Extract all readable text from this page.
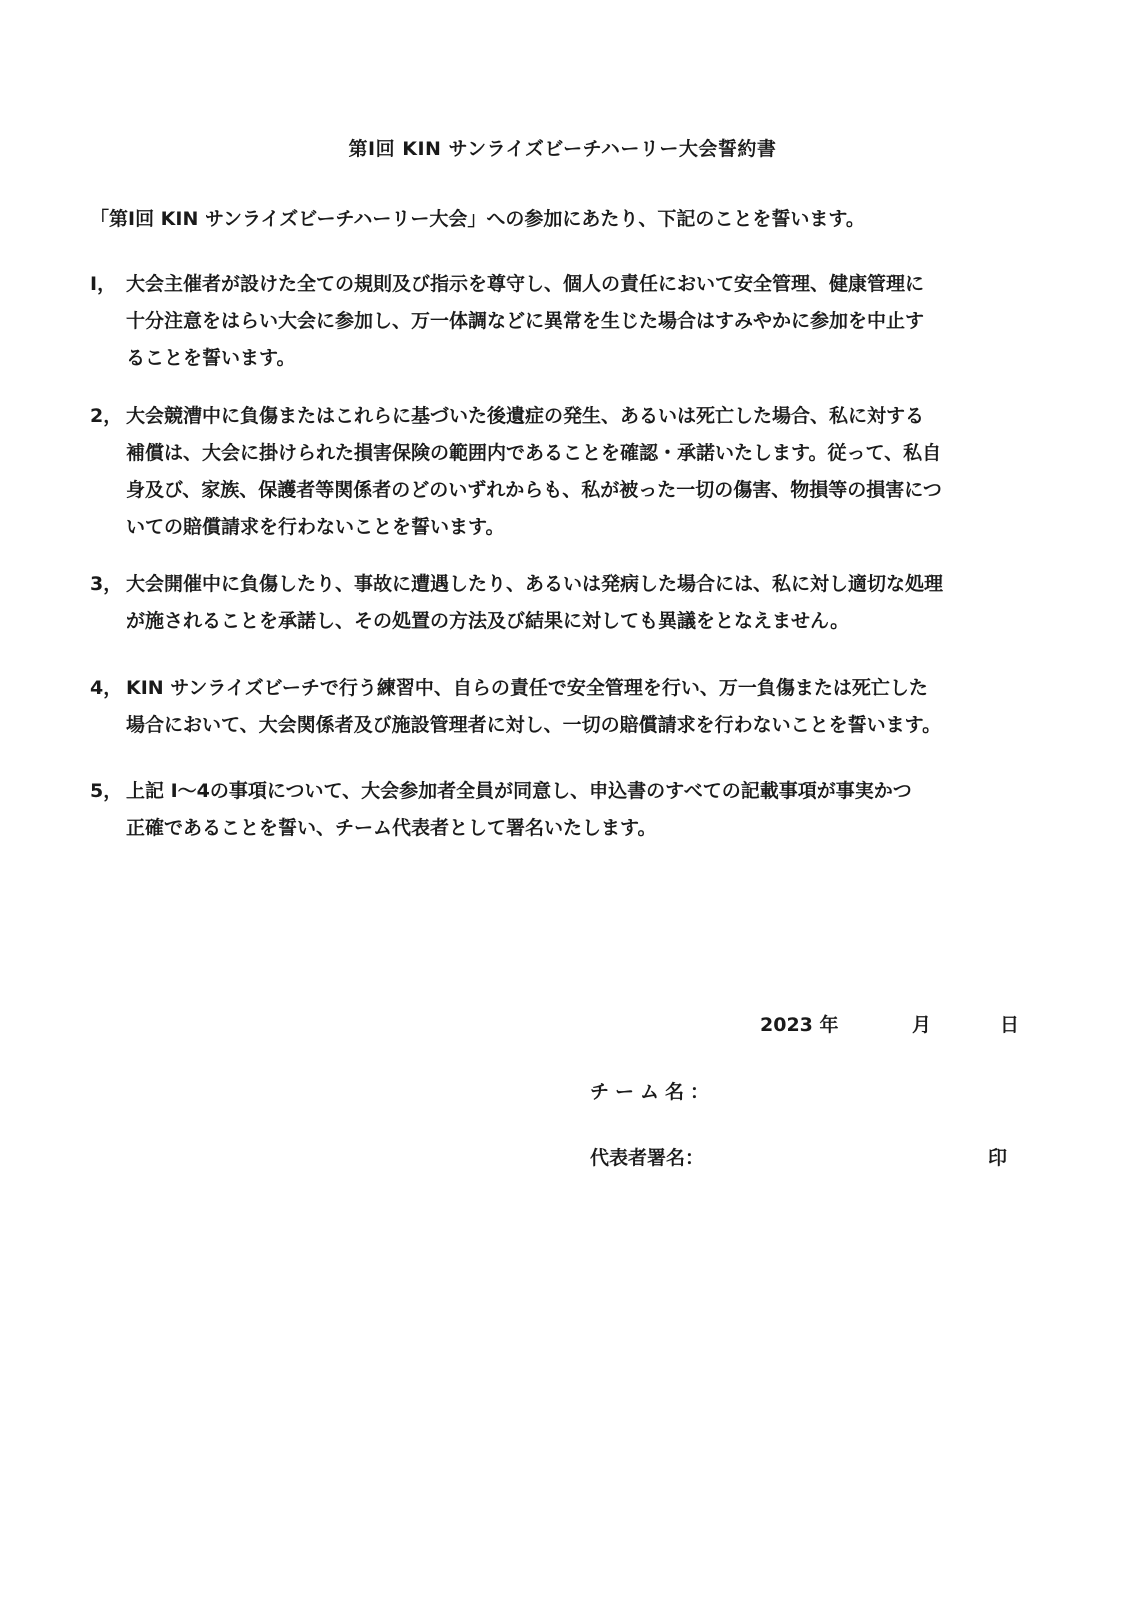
第Ⅰ回 KIN サンライズビーチハーリー大会誓約書
「第Ⅰ回 KIN サンライズビーチハーリー大会」への参加にあたり、下記のことを誓います。
Ⅰ， 大会主催者が設けた全ての規則及び指示を尊守し、個人の責任において安全管理、健康管理に
十分注意をはらい大会に参加し、万一体調などに異常を生じた場合はすみやかに参加を中止す
ることを誓います。
2， 大会競漕中に負傷またはこれらに基づいた後遺症の発生、あるいは死亡した場合、私に対する
補償は、大会に掛けられた損害保険の範囲内であることを確認・承諾いたします。従って、私自
身及び、家族、保護者等関係者のどのいずれからも、私が被った一切の傷害、物損等の損害につ
いての賠償請求を行わないことを誓います。
3， 大会開催中に負傷したり、事故に遭遇したり、あるいは発病した場合には、私に対し適切な処理
が施されることを承諾し、その処置の方法及び結果に対しても異議をとなえません。
4， KIN サンライズビーチで行う練習中、自らの責任で安全管理を行い、万一負傷または死亡した
場合において、大会関係者及び施設管理者に対し、一切の賠償請求を行わないことを誓います。
5， 上記 Ⅰ～4の事項について、大会参加者全員が同意し、申込書のすべての記載事項が事実かつ
正確であることを誓い、チーム代表者として署名いたします。
2023 年	月	日
チーム名：
代表者署名：	印
